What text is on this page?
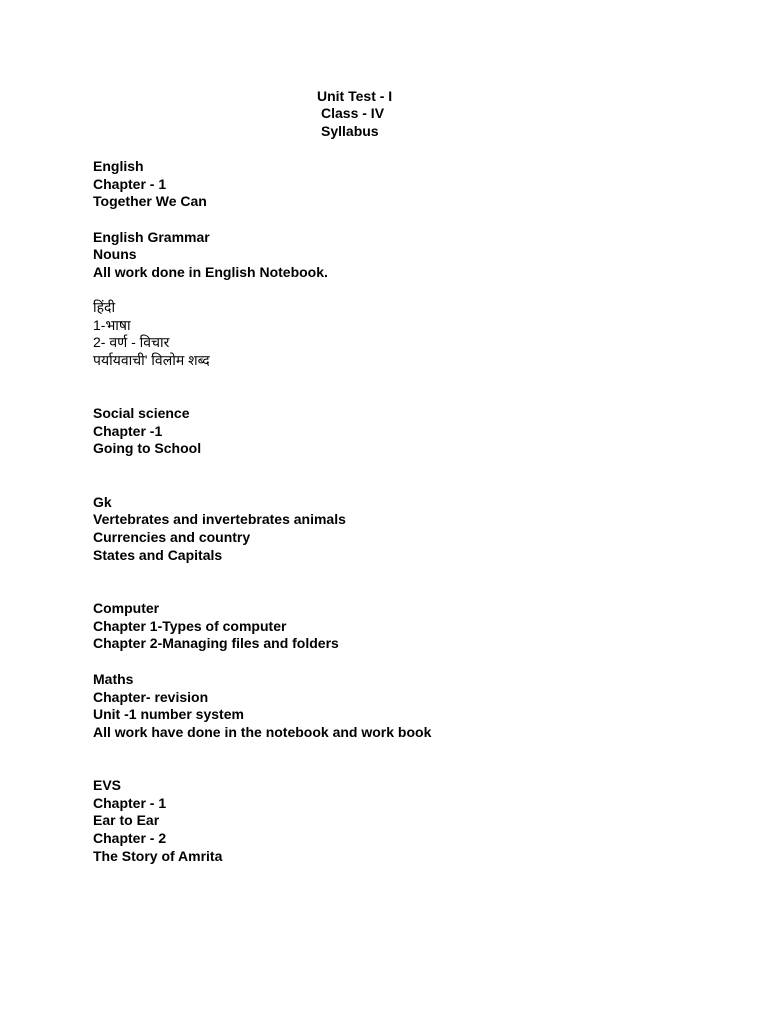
Unit Test - I
Class - IV
Syllabus
English
Chapter - 1
Together We Can
English Grammar
Nouns
All work done in English Notebook.
हिंदी
1-भाषा
2- वर्ण - विचार
पर्यायवाची' विलोम शब्द
Social science
Chapter -1
Going to School
Gk
Vertebrates and invertebrates animals
Currencies and country
States and Capitals
Computer
Chapter 1-Types of computer
Chapter 2-Managing files and folders
Maths
Chapter- revision
Unit -1 number system
All work have done in the notebook and work book
EVS
Chapter - 1
Ear to Ear
Chapter - 2
The Story of Amrita
